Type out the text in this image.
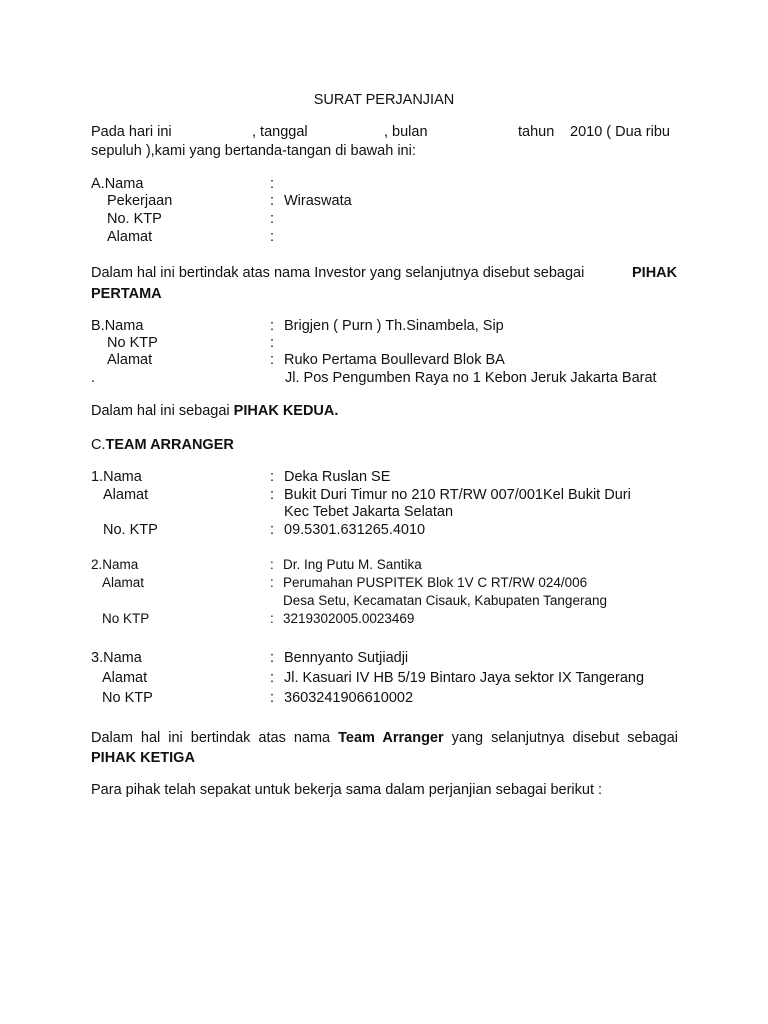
SURAT PERJANJIAN
Pada hari ini	, tanggal	, bulan	tahun 2010 ( Dua ribu
sepuluh ),kami yang bertanda-tangan di bawah ini:
A.Nama	:
Pekerjaan	: Wiraswata
No. KTP	:
Alamat	:
Dalam hal ini bertindak atas nama Investor yang selanjutnya disebut sebagai	PIHAK
PERTAMA
B.Nama	: Brigjen ( Purn ) Th.Sinambela, Sip
No KTP	:
Alamat	: Ruko Pertama Boullevard Blok BA
.	Jl. Pos Pengumben Raya no 1 Kebon Jeruk Jakarta Barat
Dalam hal ini sebagai PIHAK KEDUA.
C.TEAM ARRANGER
1.Nama	: Deka Ruslan SE
Alamat	: Bukit Duri Timur no 210 RT/RW 007/001Kel Bukit Duri
Kec Tebet Jakarta Selatan
No. KTP	: 09.5301.631265.4010
2.Nama	: Dr. Ing Putu M. Santika
Alamat	: Perumahan PUSPITEK Blok 1V C RT/RW 024/006
Desa Setu, Kecamatan Cisauk, Kabupaten Tangerang
No KTP	: 3219302005.0023469
3.Nama	: Bennyanto Sutjiadji
Alamat	: Jl. Kasuari IV HB 5/19 Bintaro Jaya sektor IX Tangerang
No KTP	: 3603241906610002
Dalam hal ini bertindak atas nama Team Arranger yang selanjutnya disebut sebagai
PIHAK KETIGA
Para pihak telah sepakat untuk bekerja sama dalam perjanjian sebagai berikut :
